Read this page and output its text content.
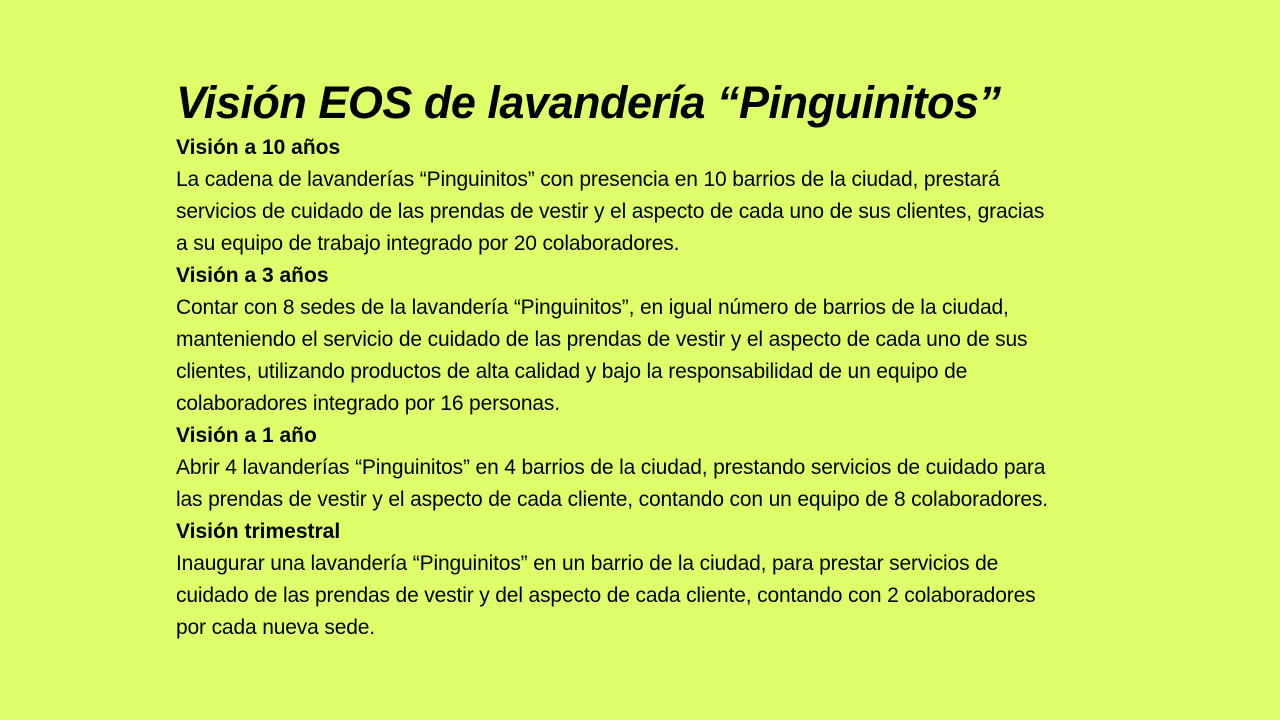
Visión EOS de lavandería “Pinguinitos”

Visión a 10 años

La cadena de lavanderías “Pinguinitos” con presencia en 10 barrios de la ciudad, prestará servicios de cuidado de las prendas de vestir y el aspecto de cada uno de sus clientes, gracias a su equipo de trabajo integrado por 20 colaboradores.

Visión a 3 años

Contar con 8 sedes de la lavandería “Pinguinitos”, en igual número de barrios de la ciudad, manteniendo el servicio de cuidado de las prendas de vestir y el aspecto de cada uno de sus clientes, utilizando productos de alta calidad y bajo la responsabilidad de un equipo de colaboradores integrado por 16 personas.

Visión a 1 año

Abrir 4 lavanderías “Pinguinitos” en 4 barrios de la ciudad, prestando servicios de cuidado para las prendas de vestir y el aspecto de cada cliente, contando con un equipo de 8 colaboradores.

Visión trimestral

Inaugurar una lavandería “Pinguinitos” en un barrio de la ciudad, para prestar servicios de cuidado de las prendas de vestir y del aspecto de cada cliente, contando con 2 colaboradores por cada nueva sede.
